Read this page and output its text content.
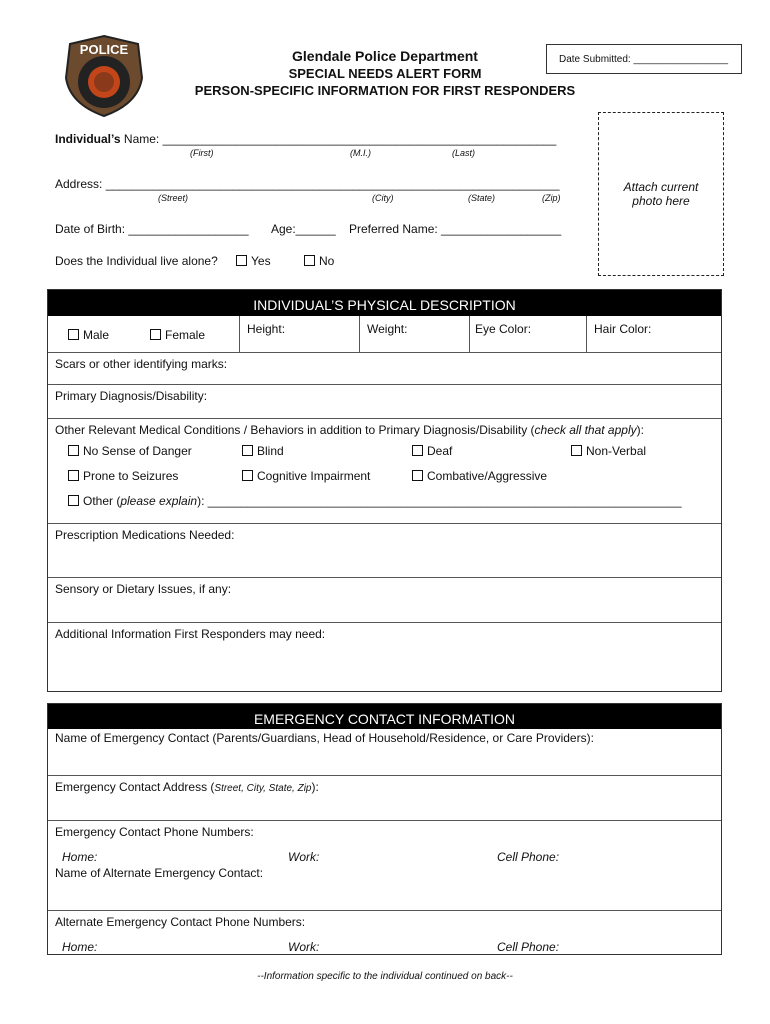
POLICE	Glendale Police Department
SPECIAL NEEDS ALERT FORM
PERSON-SPECIFIC INFORMATION FOR FIRST RESPONDERS
Date Submitted: _________________
Attach current photo here
Individual’s Name: ___________________________________________________________
(First)	(M.I.)	(Last)
Address: ____________________________________________________________________
(Street)	(City)	(State)	(Zip)
Date of Birth: __________________ Age:______ Preferred Name: __________________
Does the Individual live alone?	Yes	No
INDIVIDUAL’S PHYSICAL DESCRIPTION
Male	Female	Height:	Weight:	Eye Color:	Hair Color:
Scars or other identifying marks:
Primary Diagnosis/Disability:
Other Relevant Medical Conditions / Behaviors in addition to Primary Diagnosis/Disability (check all that apply):
No Sense of Danger	Blind	Deaf	Non-Verbal
Prone to Seizures	Cognitive Impairment	Combative/Aggressive
Other (please explain): _______________________________________________________________________
Prescription Medications Needed:
Sensory or Dietary Issues, if any:
Additional Information First Responders may need:
EMERGENCY CONTACT INFORMATION
Name of Emergency Contact (Parents/Guardians, Head of Household/Residence, or Care Providers):
Emergency Contact Address (Street, City, State, Zip):
Emergency Contact Phone Numbers:
Home:	Work:	Cell Phone:
Name of Alternate Emergency Contact:
Alternate Emergency Contact Phone Numbers:
Home:	Work:	Cell Phone:
--Information specific to the individual continued on back--
